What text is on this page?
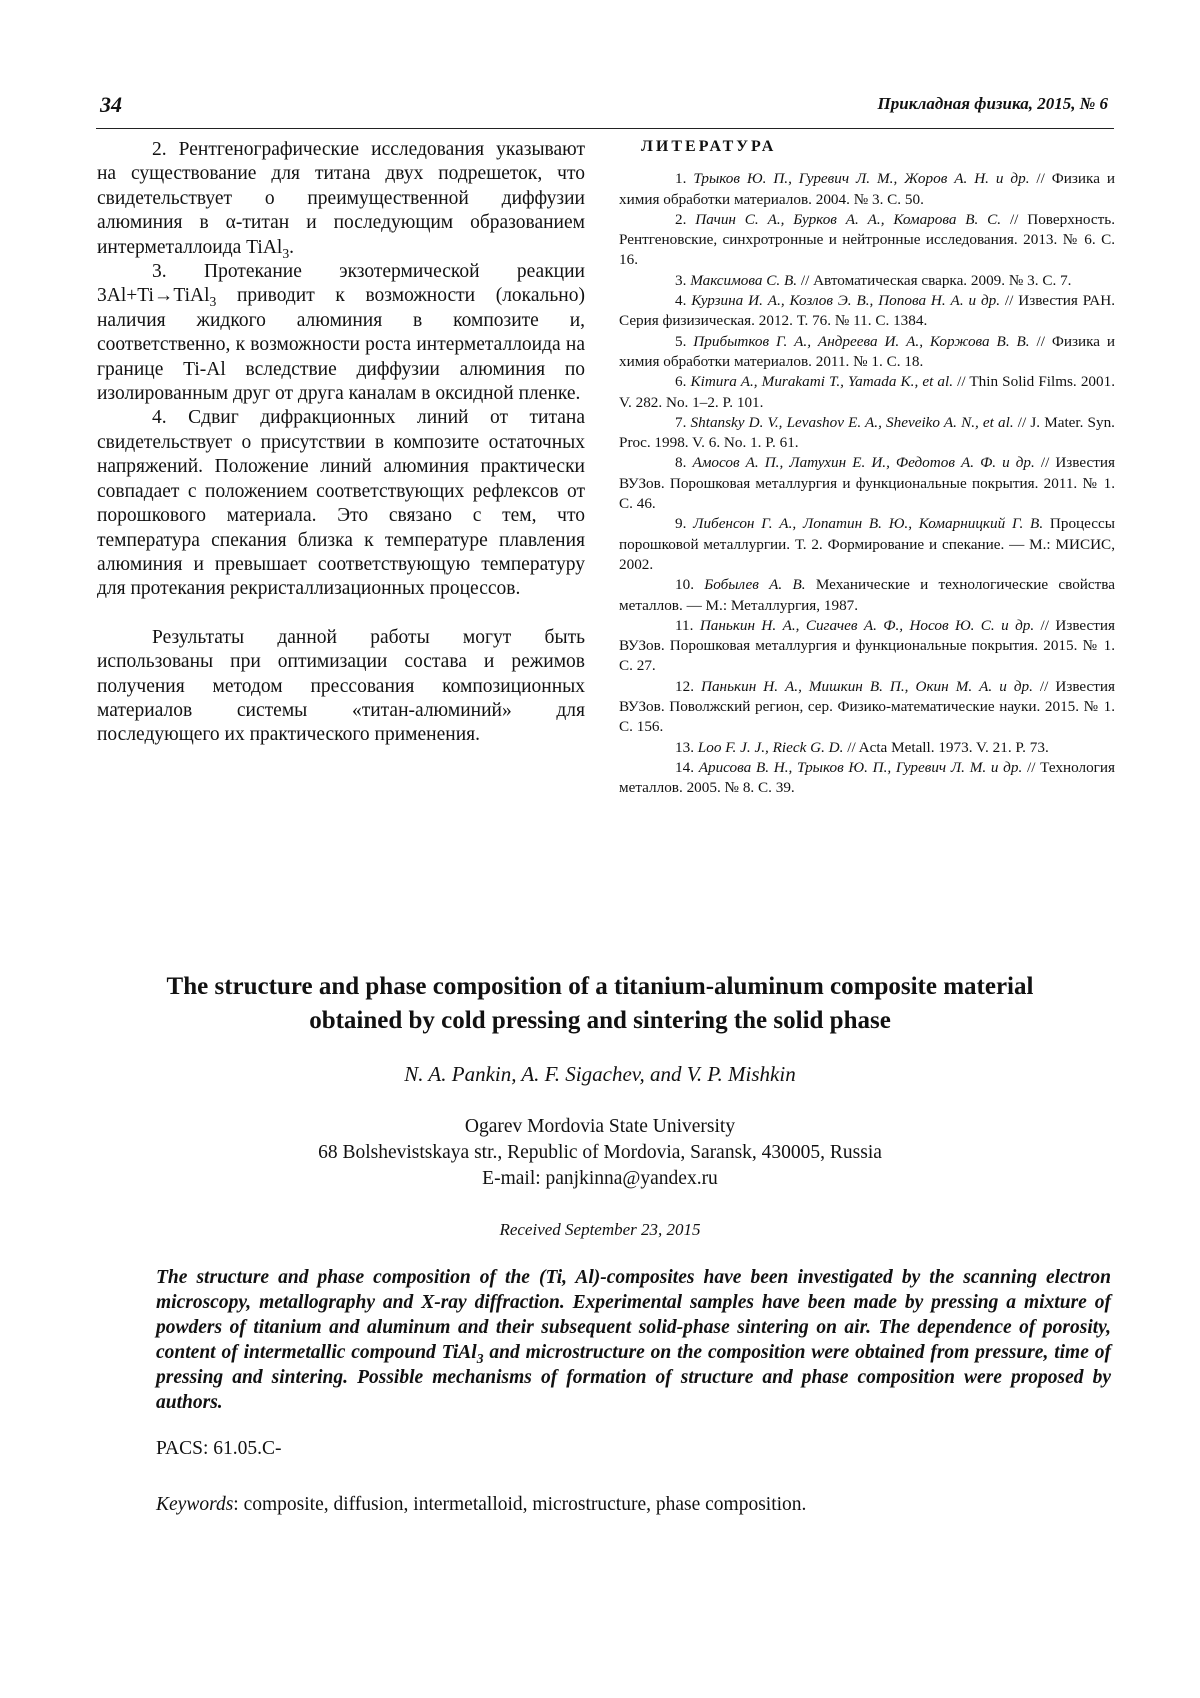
34	Прикладная физика, 2015, № 6

2. Рентгенографические исследования указывают на существование для титана двух подрешеток, что свидетельствует о преимущественной диффузии алюминия в α-титан и последующим образованием интерметаллоида TiAl$_3$.

3. Протекание экзотермической реакции 3Al+Ti→TiAl$_3$ приводит к возможности (локально) наличия жидкого алюминия в композите и, соответственно, к возможности роста интерметаллоида на границе Ti-Al вследствие диффузии алюминия по изолированным друг от друга каналам в оксидной пленке.

4. Сдвиг дифракционных линий от титана свидетельствует о присутствии в композите остаточных напряжений. Положение линий алюминия практически совпадает с положением соответствующих рефлексов от порошкового материала. Это связано с тем, что температура спекания близка к температуре плавления алюминия и превышает соответствующую температуру для протекания рекристаллизационных процессов.

Результаты данной работы могут быть использованы при оптимизации состава и режимов получения методом прессования композиционных материалов системы «титан-алюминий» для последующего их практического применения.

ЛИТЕРАТУРА

1. Трыков Ю. П., Гуревич Л. М., Жоров А. Н. и др. // Физика и химия обработки материалов. 2004. № 3. С. 50.

2. Пачин С. А., Бурков А. А., Комарова В. С. // Поверхность. Рентгеновские, синхротронные и нейтронные исследования. 2013. № 6. С. 16.

3. Максимова С. В. // Автоматическая сварка. 2009. № 3. С. 7.

4. Курзина И. А., Козлов Э. В., Попова Н. А. и др. // Известия РАН. Серия физизическая. 2012. Т. 76. № 11. С. 1384.

5. Прибытков Г. А., Андреева И. А., Коржова В. В. // Физика и химия обработки материалов. 2011. № 1. С. 18.

6. Kimura A., Murakami T., Yamada K., et al. // Thin Solid Films. 2001. V. 282. No. 1–2. P. 101.

7. Shtansky D. V., Levashov E. A., Sheveiko A. N., et al. // J. Mater. Syn. Proc. 1998. V. 6. No. 1. P. 61.

8. Амосов А. П., Латухин Е. И., Федотов А. Ф. и др. // Известия ВУЗов. Порошковая металлургия и функциональные покрытия. 2011. № 1. С. 46.

9. Либенсон Г. А., Лопатин В. Ю., Комарницкий Г. В. Процессы порошковой металлургии. Т. 2. Формирование и спекание. — М.: МИСИС, 2002.

10. Бобылев А. В. Механические и технологические свойства металлов. — М.: Металлургия, 1987.

11. Панькин Н. А., Сигачев А. Ф., Носов Ю. С. и др. // Известия ВУЗов. Порошковая металлургия и функциональные покрытия. 2015. № 1. С. 27.

12. Панькин Н. А., Мишкин В. П., Окин М. А. и др. // Известия ВУЗов. Поволжский регион, сер. Физико-математические науки. 2015. № 1. С. 156.

13. Loo F. J. J., Rieck G. D. // Acta Metall. 1973. V. 21. P. 73.

14. Арисова В. Н., Трыков Ю. П., Гуревич Л. М. и др. // Технология металлов. 2005. № 8. С. 39.

The structure and phase composition of a titanium-aluminum composite material
obtained by cold pressing and sintering the solid phase
N. A. Pankin, A. F. Sigachev, and V. P. Mishkin
Ogarev Mordovia State University
68 Bolshevistskaya str., Republic of Mordovia, Saransk, 430005, Russia
E-mail: panjkinna@yandex.ru
Received September 23, 2015

The structure and phase composition of the (Ti, Al)-composites have been investigated by the scanning electron microscopy, metallography and X-ray diffraction. Experimental samples have been made by pressing a mixture of powders of titanium and aluminum and their subsequent solid-phase sintering on air. The dependence of porosity, content of intermetallic compound TiAl$_3$ and microstructure on the composition were obtained from pressure, time of pressing and sintering. Possible mechanisms of formation of structure and phase composition were proposed by authors.

PACS: 61.05.C-
Keywords: composite, diffusion, intermetalloid, microstructure, phase composition.
